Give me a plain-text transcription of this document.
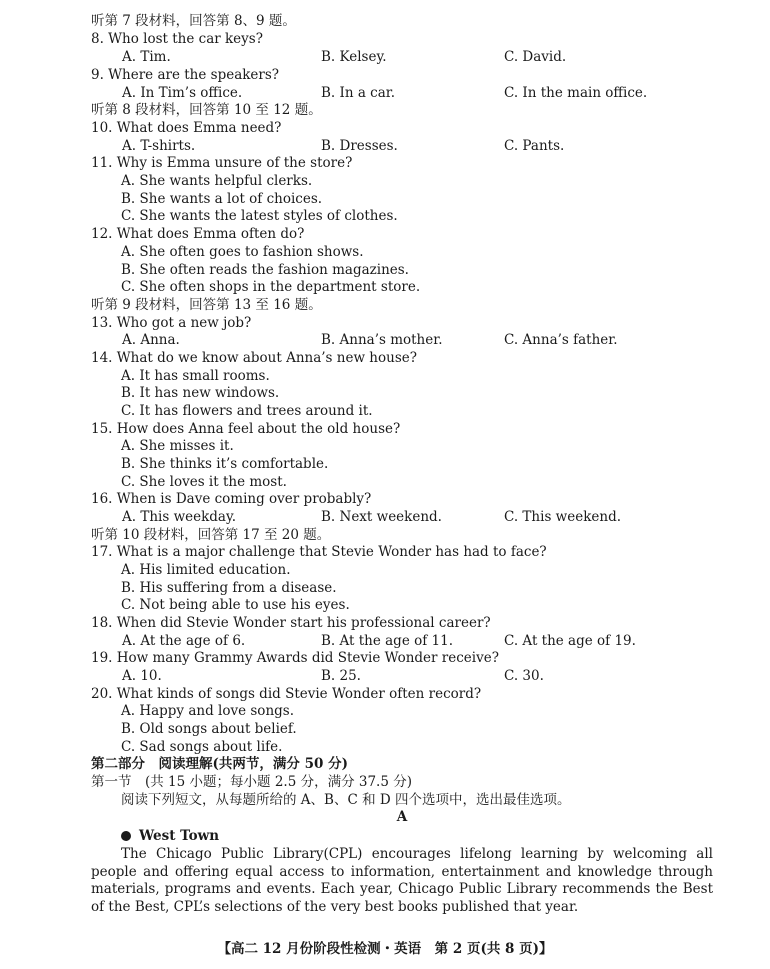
听第 7 段材料，回答第 8、9 题。
8. Who lost the car keys?
A. Tim.	B. Kelsey.	C. David.
9. Where are the speakers?
A. In Tim’s office.	B. In a car.	C. In the main office.
听第 8 段材料，回答第 10 至 12 题。
10. What does Emma need?
A. T-shirts.	B. Dresses.	C. Pants.
11. Why is Emma unsure of the store?
A. She wants helpful clerks.
B. She wants a lot of choices.
C. She wants the latest styles of clothes.
12. What does Emma often do?
A. She often goes to fashion shows.
B. She often reads the fashion magazines.
C. She often shops in the department store.
听第 9 段材料，回答第 13 至 16 题。
13. Who got a new job?
A. Anna.	B. Anna’s mother.	C. Anna’s father.
14. What do we know about Anna’s new house?
A. It has small rooms.
B. It has new windows.
C. It has flowers and trees around it.
15. How does Anna feel about the old house?
A. She misses it.
B. She thinks it’s comfortable.
C. She loves it the most.
16. When is Dave coming over probably?
A. This weekday.	B. Next weekend.	C. This weekend.
听第 10 段材料，回答第 17 至 20 题。
17. What is a major challenge that Stevie Wonder has had to face?
A. His limited education.
B. His suffering from a disease.
C. Not being able to use his eyes.
18. When did Stevie Wonder start his professional career?
A. At the age of 6.	B. At the age of 11.	C. At the age of 19.
19. How many Grammy Awards did Stevie Wonder receive?
A. 10.	B. 25.	C. 30.
20. What kinds of songs did Stevie Wonder often record?
A. Happy and love songs.
B. Old songs about belief.
C. Sad songs about life.
第二部分　阅读理解(共两节，满分 50 分)
第一节　(共 15 小题；每小题 2.5 分，满分 37.5 分)
阅读下列短文，从每题所给的 A、B、C 和 D 四个选项中，选出最佳选项。
A
West Town

The Chicago Public Library(CPL) encourages lifelong learning by welcoming all people and offering equal access to information, entertainment and knowledge through materials, programs and events. Each year, Chicago Public Library recommends the Best of the Best, CPL’s selections of the very best books published that year.

【高二 12 月份阶段性检测・英语　第 2 页(共 8 页)】
